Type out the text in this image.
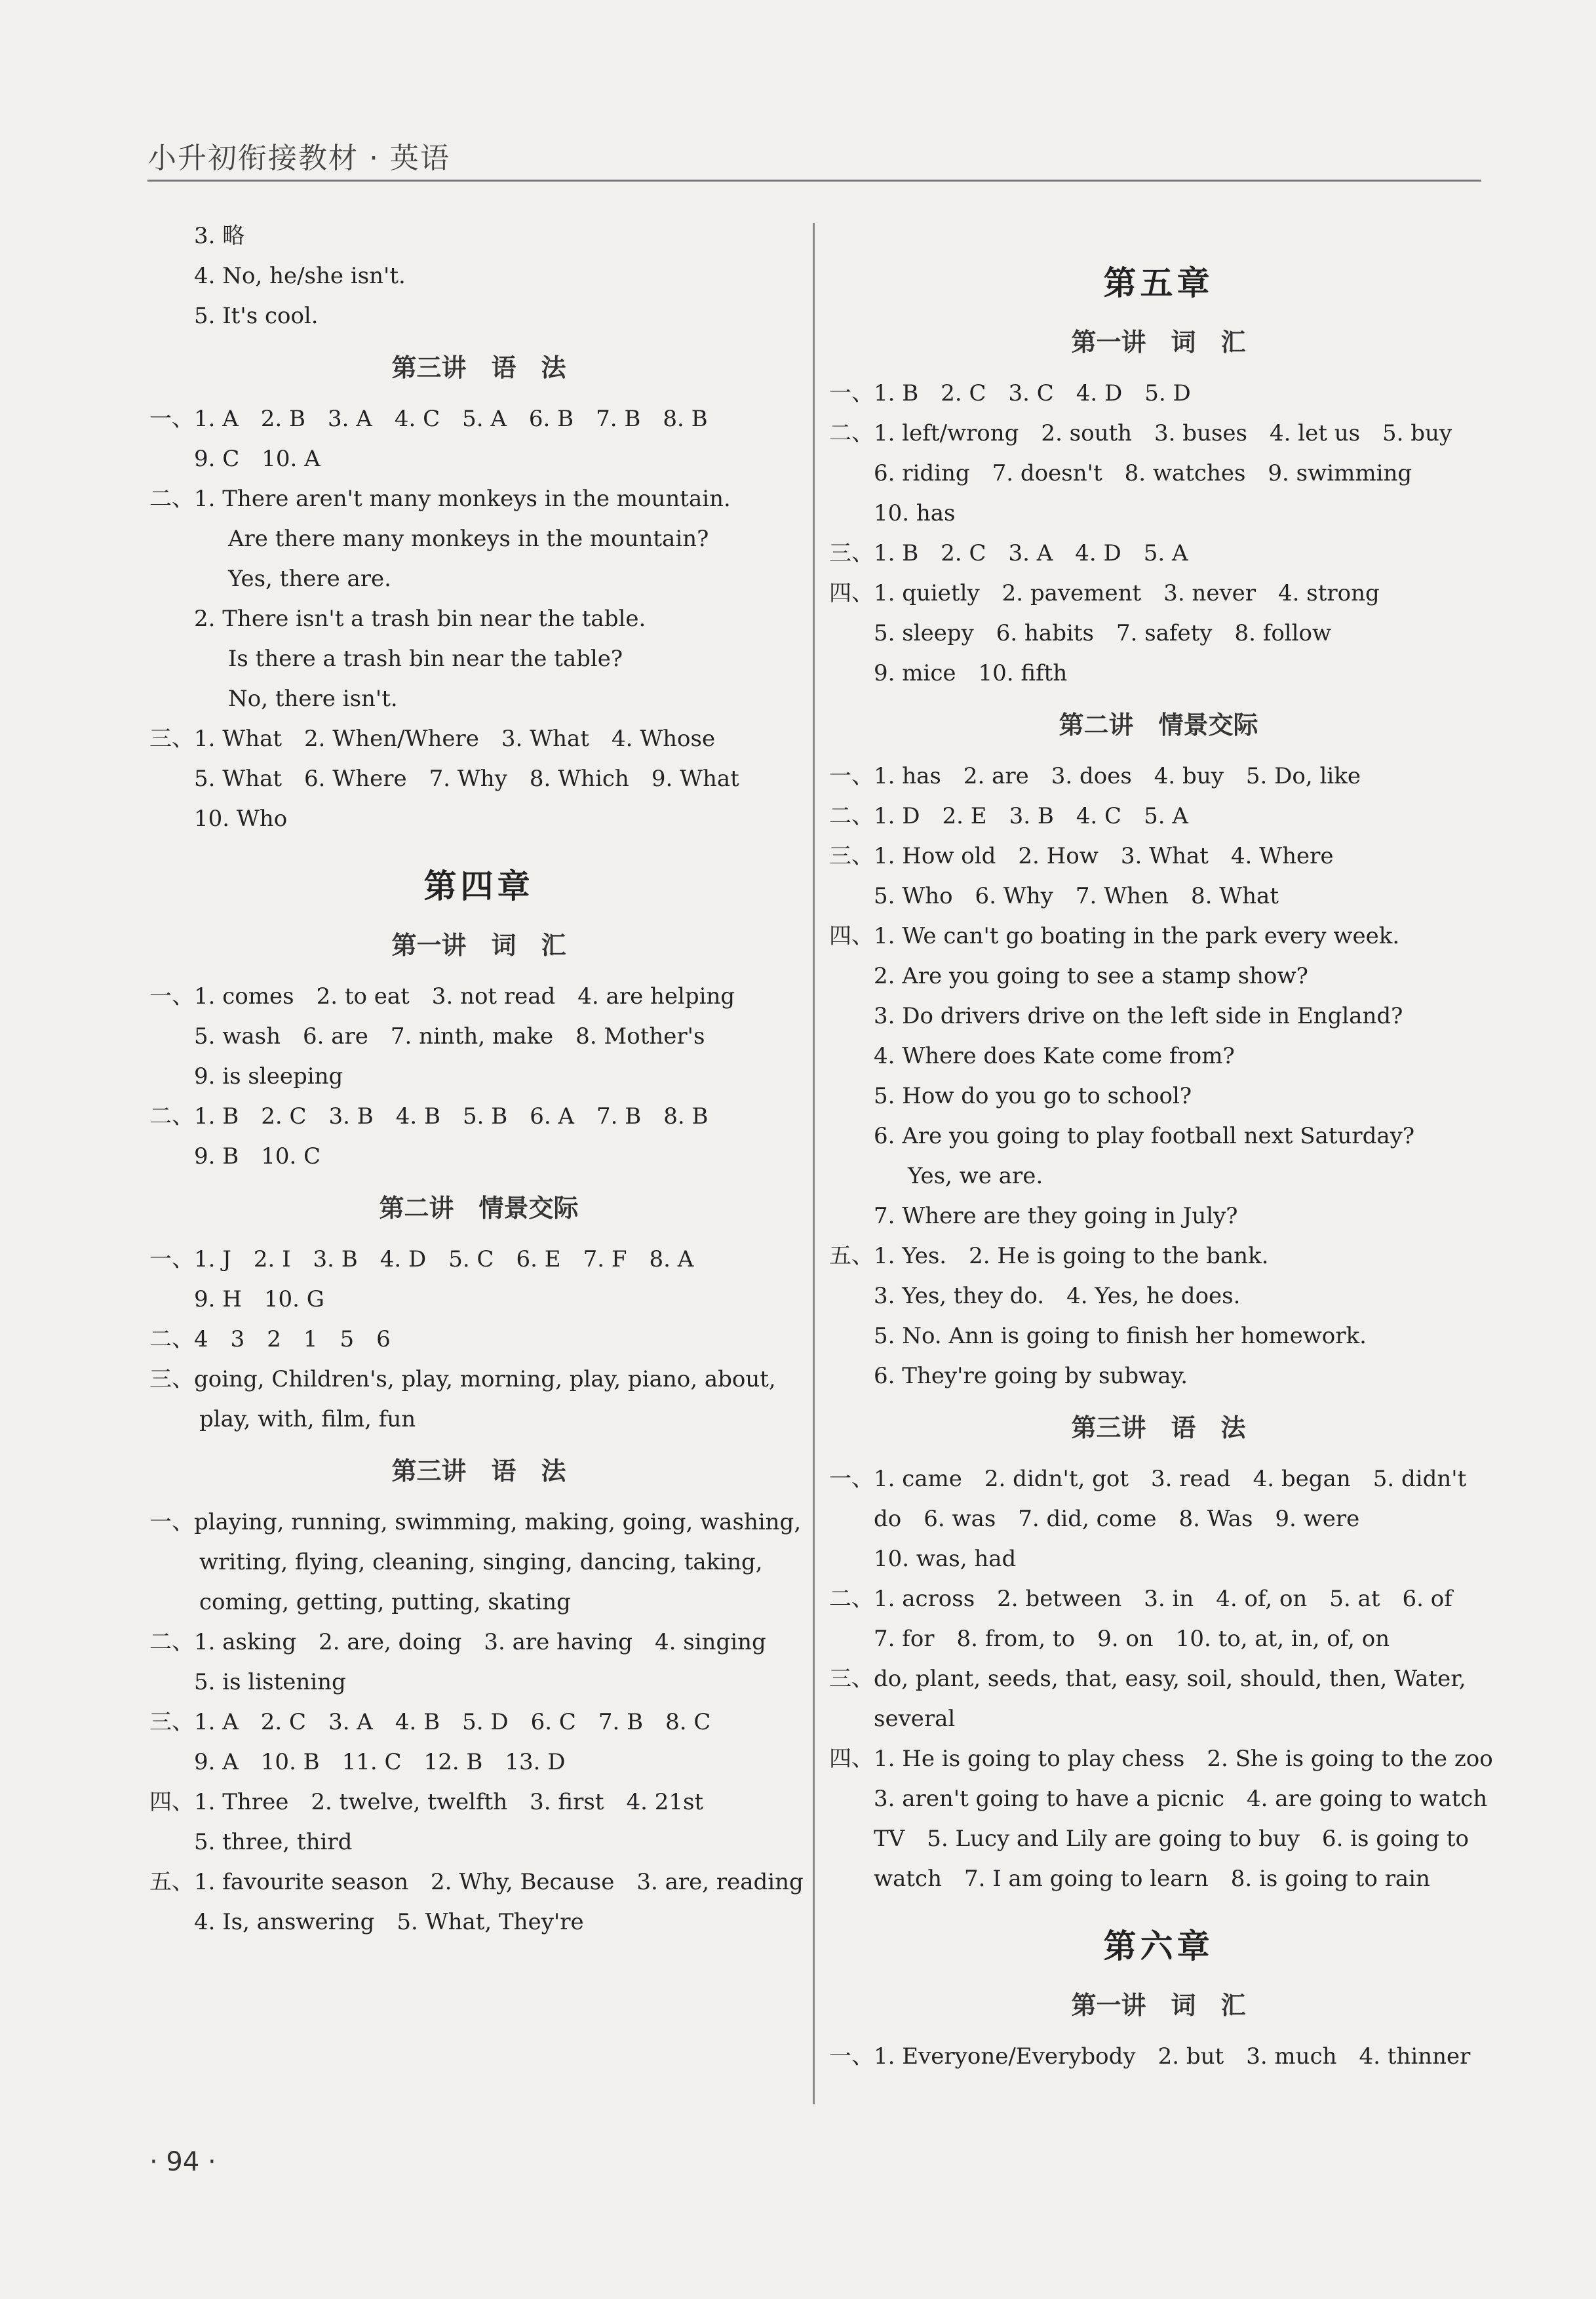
小升初衔接教材 · 英语
3. 略
4. No, he/she isn't.
5. It's cool.
第三讲　语　法
一、1. A　2. B　3. A　4. C　5. A　6. B　7. B　8. B
9. C　10. A
二、1. There aren't many monkeys in the mountain.
Are there many monkeys in the mountain?
Yes, there are.
2. There isn't a trash bin near the table.
Is there a trash bin near the table?
No, there isn't.
三、1. What　2. When/Where　3. What　4. Whose
5. What　6. Where　7. Why　8. Which　9. What
10. Who
第四章
第一讲　词　汇
一、1. comes　2. to eat　3. not read　4. are helping
5. wash　6. are　7. ninth, make　8. Mother's
9. is sleeping
二、1. B　2. C　3. B　4. B　5. B　6. A　7. B　8. B
9. B　10. C
第二讲　情景交际
一、1. J　2. I　3. B　4. D　5. C　6. E　7. F　8. A
9. H　10. G
二、4　3　2　1　5　6
三、going, Children's, play, morning, play, piano, about,
play, with, film, fun
第三讲　语　法
一、playing, running, swimming, making, going, washing,
writing, flying, cleaning, singing, dancing, taking,
coming, getting, putting, skating
二、1. asking　2. are, doing　3. are having　4. singing
5. is listening
三、1. A　2. C　3. A　4. B　5. D　6. C　7. B　8. C
9. A　10. B　11. C　12. B　13. D
四、1. Three　2. twelve, twelfth　3. first　4. 21st
5. three, third
五、1. favourite season　2. Why, Because　3. are, reading
4. Is, answering　5. What, They're
第五章
第一讲　词　汇
一、1. B　2. C　3. C　4. D　5. D
二、1. left/wrong　2. south　3. buses　4. let us　5. buy
6. riding　7. doesn't　8. watches　9. swimming
10. has
三、1. B　2. C　3. A　4. D　5. A
四、1. quietly　2. pavement　3. never　4. strong
5. sleepy　6. habits　7. safety　8. follow
9. mice　10. fifth
第二讲　情景交际
一、1. has　2. are　3. does　4. buy　5. Do, like
二、1. D　2. E　3. B　4. C　5. A
三、1. How old　2. How　3. What　4. Where
5. Who　6. Why　7. When　8. What
四、1. We can't go boating in the park every week.
2. Are you going to see a stamp show?
3. Do drivers drive on the left side in England?
4. Where does Kate come from?
5. How do you go to school?
6. Are you going to play football next Saturday?
Yes, we are.
7. Where are they going in July?
五、1. Yes.　2. He is going to the bank.
3. Yes, they do.　4. Yes, he does.
5. No. Ann is going to finish her homework.
6. They're going by subway.
第三讲　语　法
一、1. came　2. didn't, got　3. read　4. began　5. didn't
do　6. was　7. did, come　8. Was　9. were
10. was, had
二、1. across　2. between　3. in　4. of, on　5. at　6. of
7. for　8. from, to　9. on　10. to, at, in, of, on
三、do, plant, seeds, that, easy, soil, should, then, Water,
several
四、1. He is going to play chess　2. She is going to the zoo
3. aren't going to have a picnic　4. are going to watch
TV　5. Lucy and Lily are going to buy　6. is going to
watch　7. I am going to learn　8. is going to rain
第六章
第一讲　词　汇
一、1. Everyone/Everybody　2. but　3. much　4. thinner
· 94 ·
